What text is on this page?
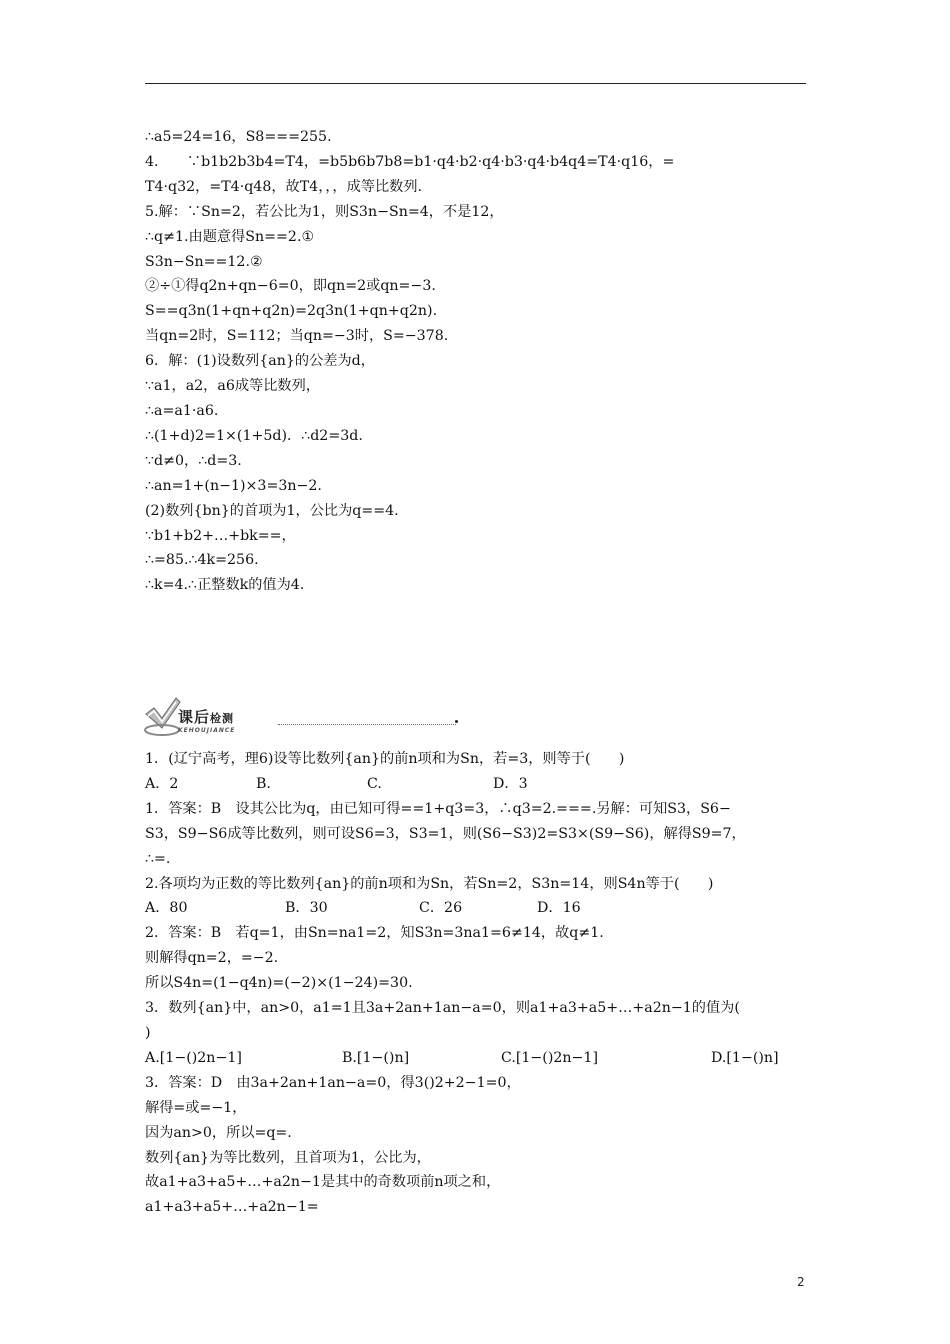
∴a5=24=16，S8===255.
4.　　∵b1b2b3b4=T4，=b5b6b7b8=b1·q4·b2·q4·b3·q4·b4q4=T4·q16，=
T4·q32，=T4·q48，故T4，，，成等比数列.
5.解：∵Sn=2，若公比为1，则S3n−Sn=4，不是12，
∴q≠1.由题意得Sn==2.①
S3n−Sn==12.②
②÷①得q2n+qn−6=0，即qn=2或qn=−3.
S==q3n(1+qn+q2n)=2q3n(1+qn+q2n).
当qn=2时，S=112；当qn=−3时，S=−378.
6．解：(1)设数列{an}的公差为d，
∵a1，a2，a6成等比数列，
∴a=a1·a6.
∴(1+d)2=1×(1+5d)．∴d2=3d.
∵d≠0，∴d=3.
∴an=1+(n−1)×3=3n−2.
(2)数列{bn}的首项为1，公比为q==4.
∵b1+b2+…+bk==，
∴=85.∴4k=256.
∴k=4.∴正整数k的值为4.
课后检测
KEHOUJIANCE
1．(辽宁高考，理6)设等比数列{an}的前n项和为Sn，若=3，则等于(　　)
A．2	B.	C.	D．3
1．答案：B　设其公比为q，由已知可得==1+q3=3，∴q3=2.===.另解：可知S3，S6−
S3，S9−S6成等比数列，则可设S6=3，S3=1，则(S6−S3)2=S3×(S9−S6)，解得S9=7，
∴=.
2.各项均为正数的等比数列{an}的前n项和为Sn，若Sn=2，S3n=14，则S4n等于(　　)
A．80	B．30	C．26	D．16
2．答案：B　若q=1，由Sn=na1=2，知S3n=3na1=6≠14，故q≠1.
则解得qn=2，=−2.
所以S4n=(1−q4n)=(−2)×(1−24)=30.
3．数列{an}中，an>0，a1=1且3a+2an+1an−a=0，则a1+a3+a5+…+a2n−1的值为(
)
A.[1−()2n−1]	B.[1−()n]	C.[1−()2n−1]	D.[1−()n]
3．答案：D　由3a+2an+1an−a=0，得3()2+2−1=0，
解得=或=−1，
因为an>0，所以=q=.
数列{an}为等比数列，且首项为1，公比为，
故a1+a3+a5+…+a2n−1是其中的奇数项前n项之和，
a1+a3+a5+…+a2n−1=
2
